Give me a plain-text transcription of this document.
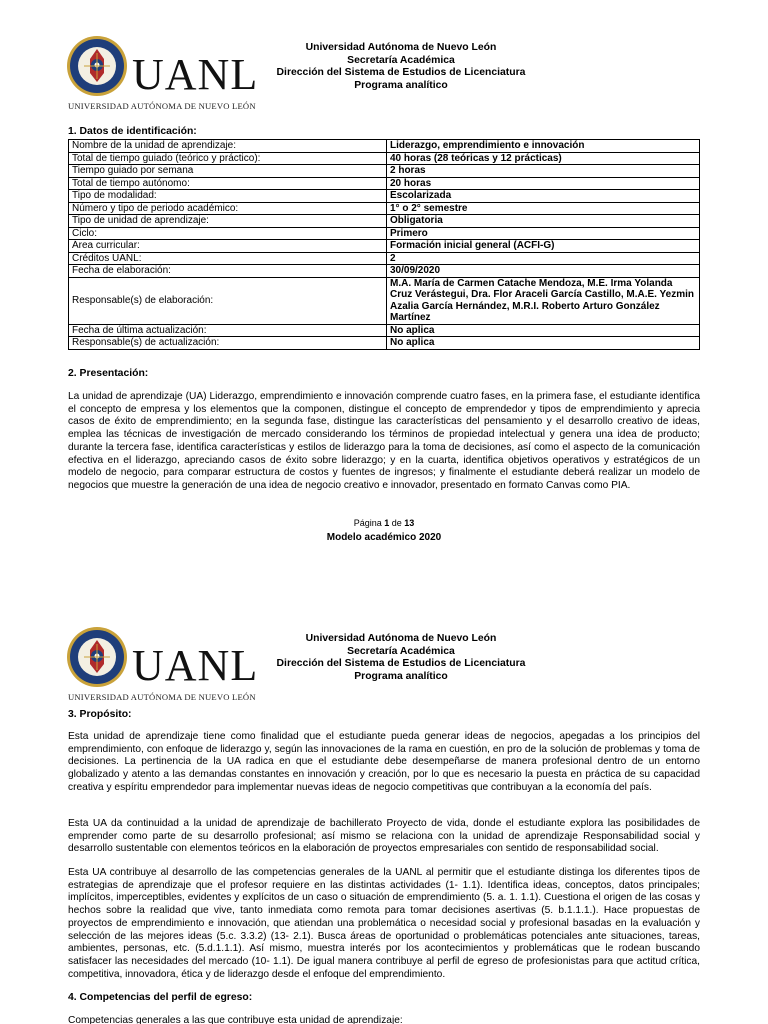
UANL
UNIVERSIDAD AUTÓNOMA DE NUEVO LEÓN
Universidad Autónoma de Nuevo León
Secretaría Académica
Dirección del Sistema de Estudios de Licenciatura
Programa analítico
1. Datos de identificación:
Nombre de la unidad de aprendizaje:	Liderazgo, emprendimiento e innovación
Total de tiempo guiado (teórico y práctico):	40 horas (28 teóricas y 12 prácticas)
Tiempo guiado por semana	2 horas
Total de tiempo autónomo:	20 horas
Tipo de modalidad:	Escolarizada
Número y tipo de periodo académico:	1° o 2° semestre
Tipo de unidad de aprendizaje:	Obligatoria
Ciclo:	Primero
Área curricular:	Formación inicial general (ACFI-G)
Créditos UANL:	2
Fecha de elaboración:	30/09/2020
Responsable(s) de elaboración:	M.A. María de Carmen Catache Mendoza, M.E. Irma Yolanda Cruz Verástegui, Dra. Flor Araceli García Castillo, M.A.E. Yezmin Azalia García Hernández, M.R.I. Roberto Arturo González Martínez
Fecha de última actualización:	No aplica
Responsable(s) de actualización:	No aplica
2. Presentación:
La unidad de aprendizaje (UA) Liderazgo, emprendimiento e innovación comprende cuatro fases, en la primera fase, el estudiante identifica el concepto de empresa y los elementos que la componen, distingue el concepto de emprendedor y tipos de emprendimiento y aprecia casos de éxito de emprendimiento; en la segunda fase, distingue las características del pensamiento y el desarrollo creativo de ideas, emplea las técnicas de investigación de mercado considerando los términos de propiedad intelectual y genera una idea de producto; durante la tercera fase, identifica características y estilos de liderazgo para la toma de decisiones, así como el aspecto de la comunicación efectiva en el liderazgo, apreciando casos de éxito sobre liderazgo; y en la cuarta, identifica objetivos operativos y estratégicos de un modelo de negocio, para comparar estructura de costos y fuentes de ingresos; y finalmente el estudiante deberá realizar un modelo de negocios que muestre la generación de una idea de negocio creativo e innovador, presentado en formato Canvas como PIA.
Página 1 de 13
Modelo académico 2020
UANL
UNIVERSIDAD AUTÓNOMA DE NUEVO LEÓN
Universidad Autónoma de Nuevo León
Secretaría Académica
Dirección del Sistema de Estudios de Licenciatura
Programa analítico
3. Propósito:
Esta unidad de aprendizaje tiene como finalidad que el estudiante pueda generar ideas de negocios, apegadas a los principios del emprendimiento, con enfoque de liderazgo y, según las innovaciones de la rama en cuestión, en pro de la solución de problemas y toma de decisiones. La pertinencia de la UA radica en que el estudiante debe desempeñarse de manera profesional dentro de un entorno globalizado y atento a las demandas constantes en innovación y creación, por lo que es necesario la puesta en práctica de su capacidad creativa y espíritu emprendedor para implementar nuevas ideas de negocio competitivas que contribuyan a la economía del país.
Esta UA da continuidad a la unidad de aprendizaje de bachillerato Proyecto de vida, donde el estudiante explora las posibilidades de emprender como parte de su desarrollo profesional; así mismo se relaciona con la unidad de aprendizaje Responsabilidad social y desarrollo sustentable con elementos teóricos en la elaboración de proyectos empresariales con sentido de responsabilidad social.
Esta UA contribuye al desarrollo de las competencias generales de la UANL al permitir que el estudiante distinga los diferentes tipos de estrategias de aprendizaje que el profesor requiere en las distintas actividades (1- 1.1). Identifica ideas, conceptos, datos principales; implícitos, imperceptibles, evidentes y explícitos de un caso o situación de emprendimiento (5. a. 1. 1.1). Cuestiona el origen de las cosas y hechos sobre la realidad que vive, tanto inmediata como remota para tomar decisiones asertivas (5. b.1.1.1.). Hace propuestas de proyectos de emprendimiento e innovación, que atiendan una problemática o necesidad social y profesional basadas en la evaluación y selección de las mejores ideas (5.c. 3.3.2) (13- 2.1). Busca áreas de oportunidad o problemáticas potenciales ante situaciones, tareas, ambientes, personas, etc. (5.d.1.1.1). Así mismo, muestra interés por los acontecimientos y problemáticas que le rodean buscando satisfacer las necesidades del mercado (10- 1.1). De igual manera contribuye al perfil de egreso de profesionistas para que actitud crítica, competitiva, innovadora, ética y de liderazgo desde el enfoque del emprendimiento.
4. Competencias del perfil de egreso:
Competencias generales a las que contribuye esta unidad de aprendizaje:
